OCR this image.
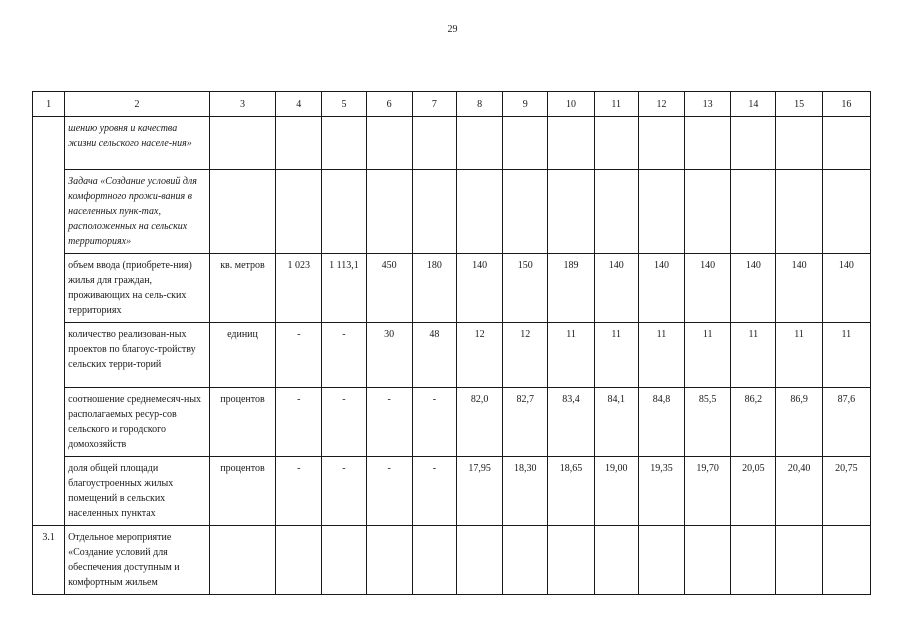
29
1	2	3	4	5	6	7	8	9	10	11	12	13	14	15	16
	шению уровня и качества жизни сельского населе-ния»														
	Задача «Создание условий для комфортного прожи-вания в населенных пунк-тах, расположенных на сельских территориях»														
	объем ввода (приобрете-ния) жилья для граждан, проживающих на сель-ских территориях	кв. метров	1 023	1 113,1	450	180	140	150	189	140	140	140	140	140	140
	количество реализован-ных проектов по благоус-тройству сельских терри-торий	единиц	-	-	30	48	12	12	11	11	11	11	11	11	11
	соотношение среднемесяч-ных располагаемых ресур-сов сельского и городского домохозяйств	процентов	-	-	-	-	82,0	82,7	83,4	84,1	84,8	85,5	86,2	86,9	87,6
	доля общей площади благоустроенных жилых помещений в сельских населенных пунктах	процентов	-	-	-	-	17,95	18,30	18,65	19,00	19,35	19,70	20,05	20,40	20,75
3.1	Отдельное мероприятие «Создание условий для обеспечения доступным и комфортным жильем														
